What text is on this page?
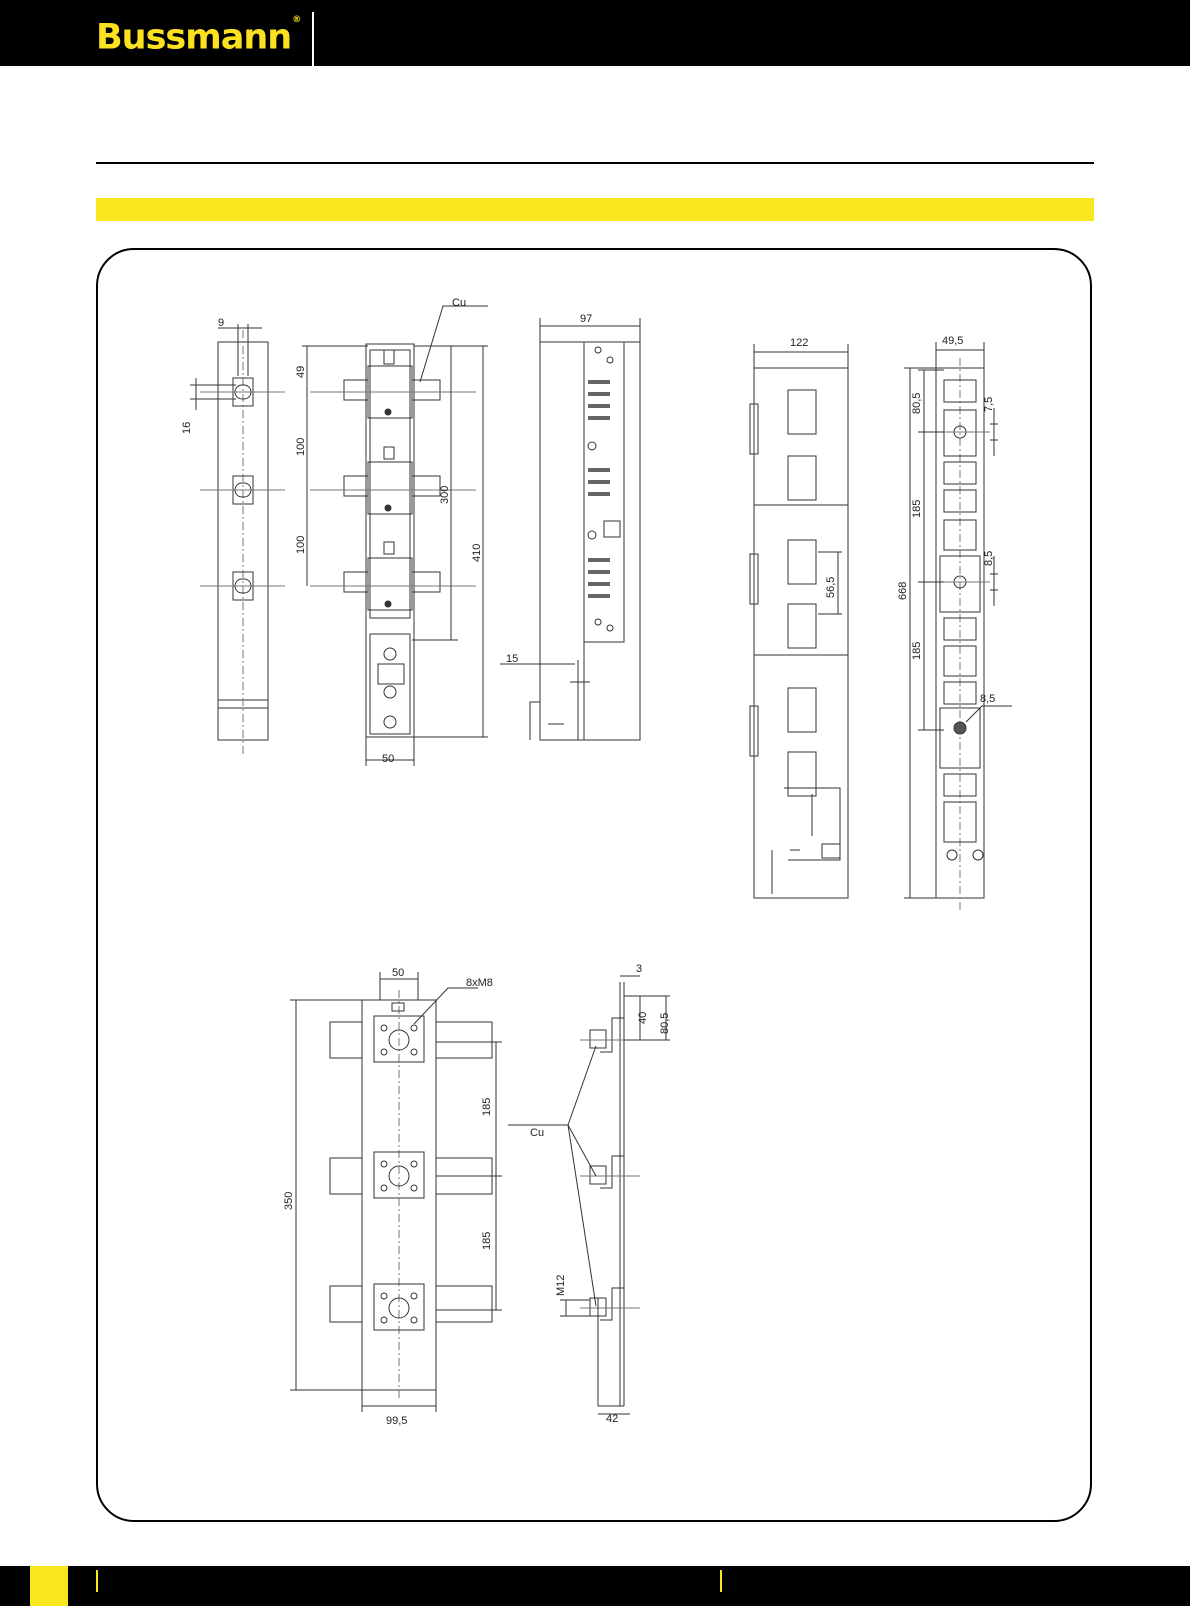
Bussmann®
9
16
49
100
100
300
410
50
Cu
97
15
122
56,5
49,5
80,5	7,5
185
8,5
668
185
8,5
50
8xM8
350
185
185
99,5
3
40 80,5
Cu
M12
42
